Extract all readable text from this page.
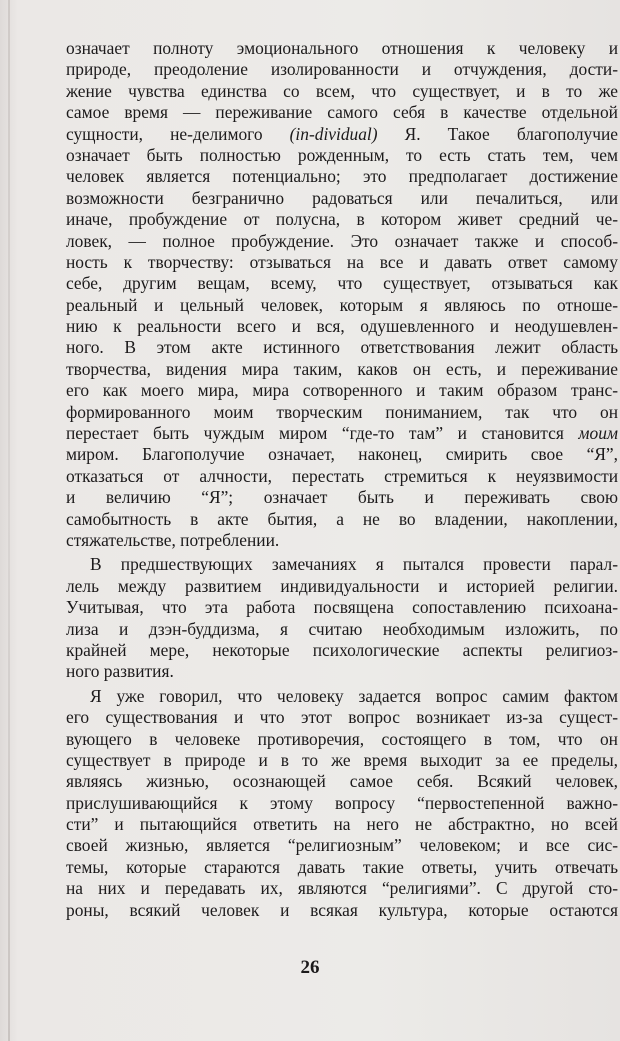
означает полноту эмоционального отношения к человеку и
природе, преодоление изолированности и отчуждения, дости-
жение чувства единства со всем, что существует, и в то же
самое время — переживание самого себя в качестве отдельной
сущности, не-делимого (in-dividual) Я. Такое благополучие
означает быть полностью рожденным, то есть стать тем, чем
человек является потенциально; это предполагает достижение
возможности безгранично радоваться или печалиться, или
иначе, пробуждение от полусна, в котором живет средний че-
ловек, — полное пробуждение. Это означает также и способ-
ность к творчеству: отзываться на все и давать ответ самому
себе, другим вещам, всему, что существует, отзываться как
реальный и цельный человек, которым я являюсь по отноше-
нию к реальности всего и вся, одушевленного и неодушевлен-
ного. В этом акте истинного ответствования лежит область
творчества, видения мира таким, каков он есть, и переживание
его как моего мира, мира сотворенного и таким образом транс-
формированного моим творческим пониманием, так что он
перестает быть чуждым миром “где-то там” и становится моим
миром. Благополучие означает, наконец, смирить свое “Я”,
отказаться от алчности, перестать стремиться к неуязвимости
и величию “Я”; означает быть и переживать свою
самобытность в акте бытия, а не во владении, накоплении,
стяжательстве, потреблении.
В предшествующих замечаниях я пытался провести парал-
лель между развитием индивидуальности и историей религии.
Учитывая, что эта работа посвящена сопоставлению психоана-
лиза и дзэн-буддизма, я считаю необходимым изложить, по
крайней мере, некоторые психологические аспекты религиоз-
ного развития.
Я уже говорил, что человеку задается вопрос самим фактом
его существования и что этот вопрос возникает из-за сущест-
вующего в человеке противоречия, состоящего в том, что он
существует в природе и в то же время выходит за ее пределы,
являясь жизнью, осознающей самое себя. Всякий человек,
прислушивающийся к этому вопросу “первостепенной важно-
сти” и пытающийся ответить на него не абстрактно, но всей
своей жизнью, является “религиозным” человеком; и все сис-
темы, которые стараются давать такие ответы, учить отвечать
на них и передавать их, являются “религиями”. С другой сто-
роны, всякий человек и всякая культура, которые остаются
26
